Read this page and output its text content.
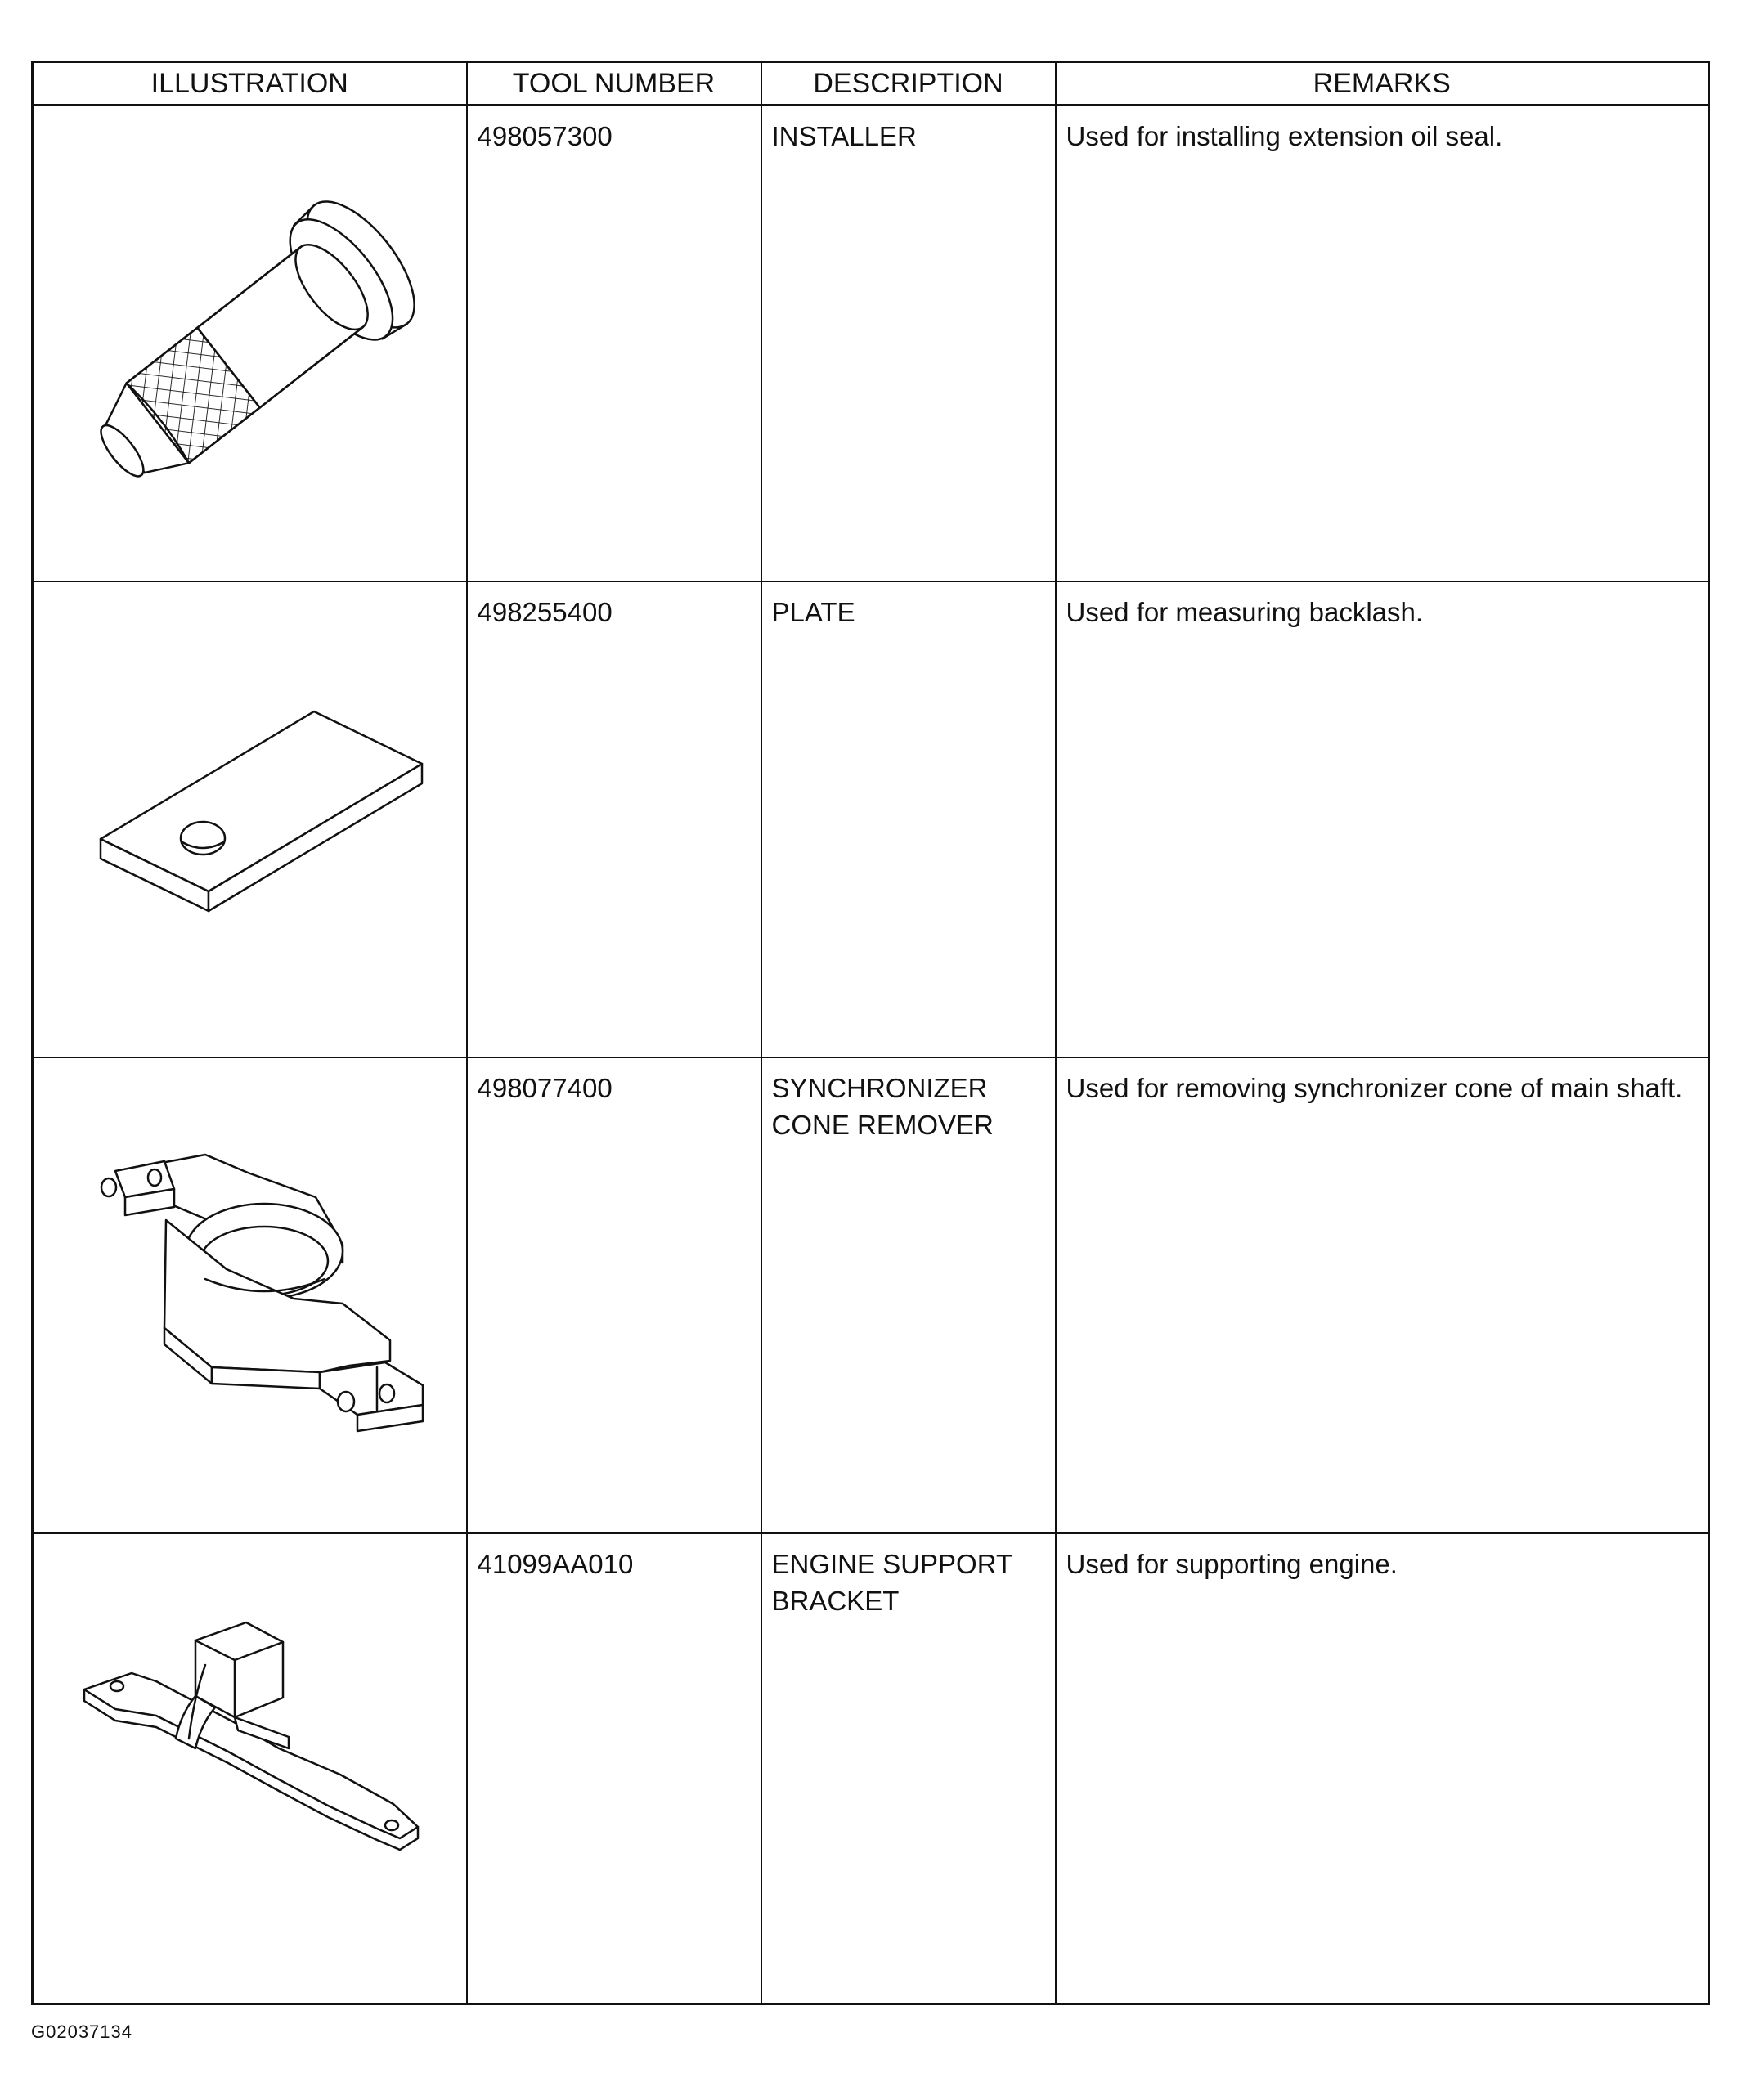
ILLUSTRATION	TOOL NUMBER	DESCRIPTION	REMARKS

	498057300	INSTALLER	Used for installing extension oil seal.

	498255400	PLATE	Used for measuring backlash.

	498077400	SYNCHRONIZER
CONE REMOVER	Used for removing synchronizer cone of main shaft.

	41099AA010	ENGINE SUPPORT
BRACKET	Used for supporting engine.
G02037134
